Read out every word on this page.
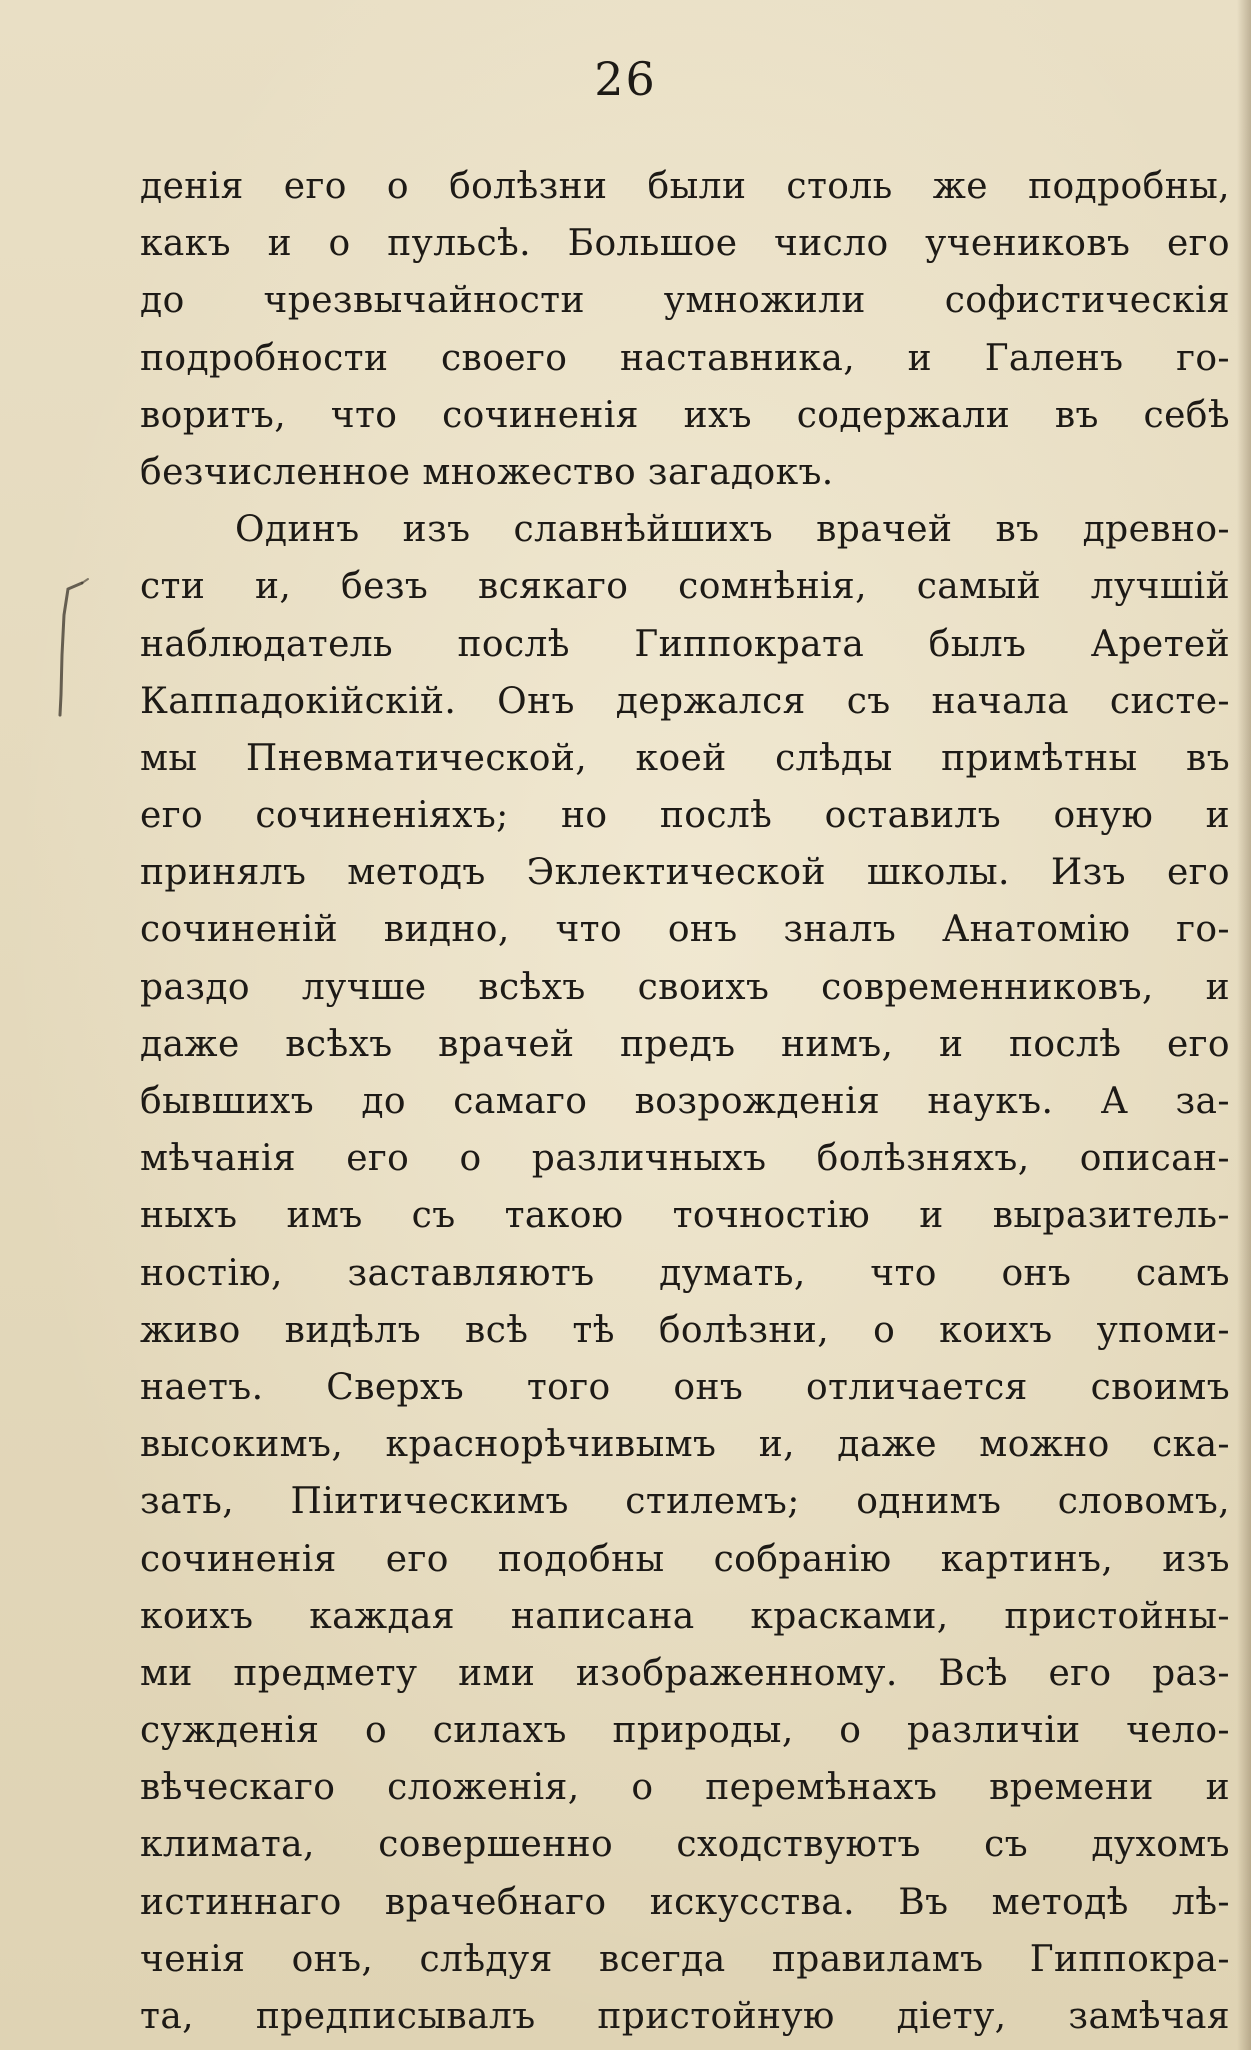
26
денія его о болѣзни были столь же подробны,
какъ и о пульсѣ. Большое число учениковъ его
до чрезвычайности умножили софистическія
подробности своего наставника, и Галенъ го-
воритъ, что сочиненія ихъ содержали въ себѣ
безчисленное множество загадокъ.
Одинъ изъ славнѣйшихъ врачей въ древно-
сти и, безъ всякаго сомнѣнія, самый лучшій
наблюдатель послѣ Гиппократа былъ Аретей
Каппадокійскій. Онъ держался съ начала систе-
мы Пневматической, коей слѣды примѣтны въ
его сочиненіяхъ; но послѣ оставилъ оную и
принялъ методъ Эклектической школы. Изъ его
сочиненій видно, что онъ зналъ Анатомію го-
раздо лучше всѣхъ своихъ современниковъ, и
даже всѣхъ врачей предъ нимъ, и послѣ его
бывшихъ до самаго возрожденія наукъ. А за-
мѣчанія его о различныхъ болѣзняхъ, описан-
ныхъ имъ съ такою точностію и выразитель-
ностію, заставляютъ думать, что онъ самъ
живо видѣлъ всѣ тѣ болѣзни, о коихъ упоми-
наетъ. Сверхъ того онъ отличается своимъ
высокимъ, краснорѣчивымъ и, даже можно ска-
зать, Піитическимъ стилемъ; однимъ словомъ,
сочиненія его подобны собранію картинъ, изъ
коихъ каждая написана красками, пристойны-
ми предмету ими изображенному. Всѣ его раз-
сужденія о силахъ природы, о различіи чело-
вѣческаго сложенія, о перемѣнахъ времени и
климата, совершенно сходствуютъ съ духомъ
истиннаго врачебнаго искусства. Въ методѣ лѣ-
ченія онъ, слѣдуя всегда правиламъ Гиппокра-
та, предписывалъ пристойную діету, замѣчая
